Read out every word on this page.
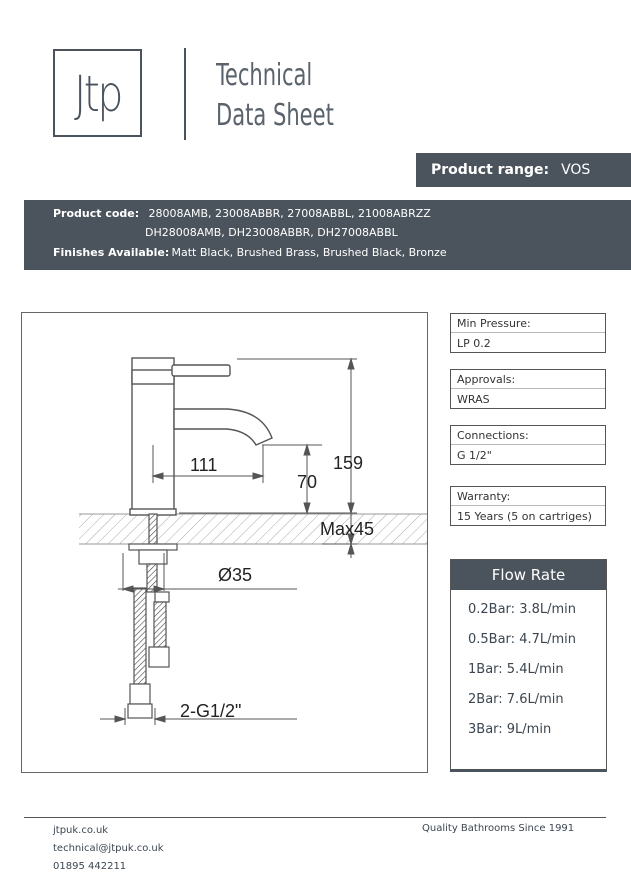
Jtp	Technical
Data Sheet
Product range: VOS
Product code: 28008AMB, 23008ABBR, 27008ABBL, 21008ABRZZ
DH28008AMB, DH23008ABBR, DH27008ABBL
Finishes Available: Matt Black, Brushed Brass, Brushed Black, Bronze
159
111
70
Max45
Ø35
2-G1/2"
Min Pressure:
LP 0.2
Approvals:
WRAS
Connections:
G 1/2"
Warranty:
15 Years (5 on cartriges)
Flow Rate
0.2Bar: 3.8L/min
0.5Bar: 4.7L/min
1Bar: 5.4L/min
2Bar: 7.6L/min
3Bar: 9L/min
jtpuk.co.uk
technical@jtpuk.co.uk
01895 442211
Quality Bathrooms Since 1991
